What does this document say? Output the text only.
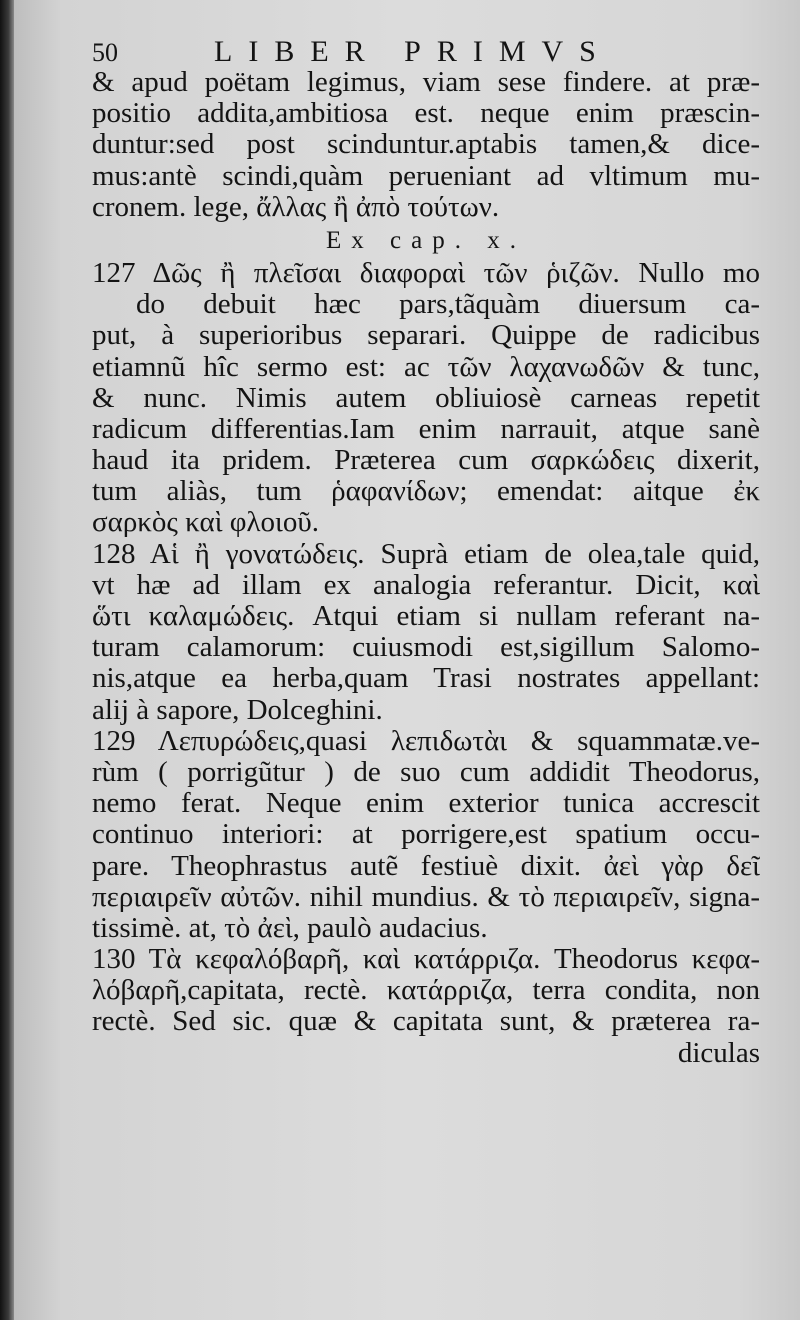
50	LIBER PRIMVS
& apud poëtam legimus, viam sese findere. at præ-
positio addita,ambitiosa est. neque enim præscin-
duntur:sed post scinduntur.aptabis tamen,& dice-
mus:antè scindi,quàm perueniant ad vltimum mu-
cronem. lege, ἄλλας ἢ ἀπὸ τούτων.
Ex cap. x.
127 Δῶς ἢ πλεῖσαι διαφοραὶ τῶν ῥιζῶν. Nullo mo
do debuit hæc pars,tãquàm diuersum ca-
put, à superioribus separari. Quippe de radicibus
etiamnũ hîc sermo est: ac τῶν λαχανωδῶν & tunc,
& nunc. Nimis autem obliuiosè carneas repetit
radicum differentias.Iam enim narrauit, atque sanè
haud ita pridem. Præterea cum σαρκώδεις dixerit,
tum aliàs, tum ῥαφανίδων; emendat: aitque ἐκ
σαρκὸς καὶ φλοιοῦ.
128 Αἱ ἢ γονατώδεις. Suprà etiam de olea,tale quid,
vt hæ ad illam ex analogia referantur. Dicit, καὶ
ὥτι καλαμώδεις. Atqui etiam si nullam referant na-
turam calamorum: cuiusmodi est,sigillum Salomo-
nis,atque ea herba,quam Trasi nostrates appellant:
alij à sapore, Dolceghini.
129 Λεπυρώδεις,quasi λεπιδωτὰι & squammatæ.ve-
rùm ( porrigũtur ) de suo cum addidit Theodorus,
nemo ferat. Neque enim exterior tunica accrescit
continuo interiori: at porrigere,est spatium occu-
pare. Theophrastus autẽ festiuè dixit. ἀεὶ γὰρ δεῖ
περιαιρεῖν αὐτῶν. nihil mundius. & τὸ περιαιρεῖν, signa-
tissimè. at, τὸ ἀεὶ, paulò audacius.
130 Τὰ κεφαλόβαρῆ, καὶ κατάρριζα. Theodorus κεφα-
λόβαρῆ,capitata, rectè. κατάρριζα, terra condita, non
rectè. Sed sic. quæ & capitata sunt, & præterea ra-
diculas
